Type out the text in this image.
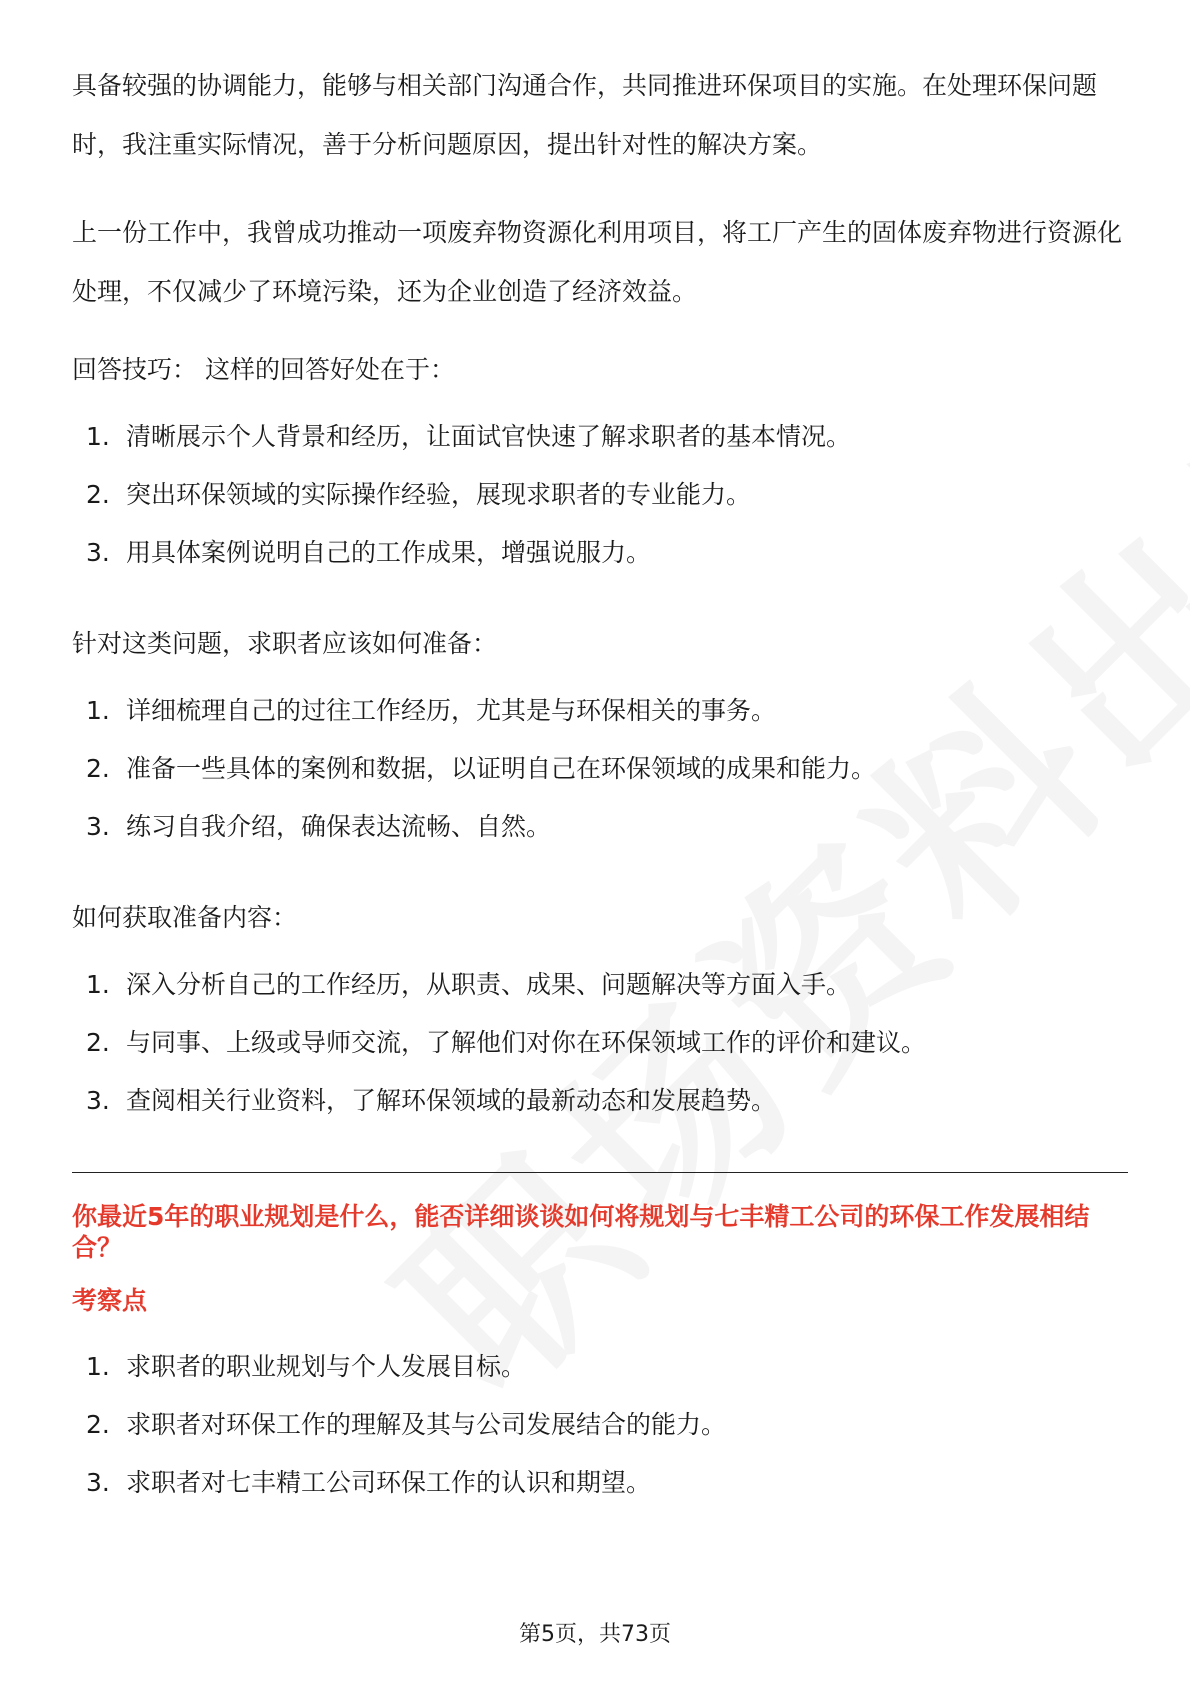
具备较强的协调能力，能够与相关部门沟通合作，共同推进环保项目的实施。在处理环保问题时，我注重实际情况，善于分析问题原因，提出针对性的解决方案。

上一份工作中，我曾成功推动一项废弃物资源化利用项目，将工厂产生的固体废弃物进行资源化处理，不仅减少了环境污染，还为企业创造了经济效益。

回答技巧： 这样的回答好处在于：
1. 清晰展示个人背景和经历，让面试官快速了解求职者的基本情况。
2. 突出环保领域的实际操作经验，展现求职者的专业能力。
3. 用具体案例说明自己的工作成果，增强说服力。
针对这类问题，求职者应该如何准备：
1. 详细梳理自己的过往工作经历，尤其是与环保相关的事务。
2. 准备一些具体的案例和数据，以证明自己在环保领域的成果和能力。
3. 练习自我介绍，确保表达流畅、自然。
如何获取准备内容：
1. 深入分析自己的工作经历，从职责、成果、问题解决等方面入手。
2. 与同事、上级或导师交流，了解他们对你在环保领域工作的评价和建议。
3. 查阅相关行业资料，了解环保领域的最新动态和发展趋势。
你最近5年的职业规划是什么，能否详细谈谈如何将规划与七丰精工公司的环保工作发展相结合？
考察点
1. 求职者的职业规划与个人发展目标。
2. 求职者对环保工作的理解及其与公司发展结合的能力。
3. 求职者对七丰精工公司环保工作的认识和期望。
第5页，共73页
